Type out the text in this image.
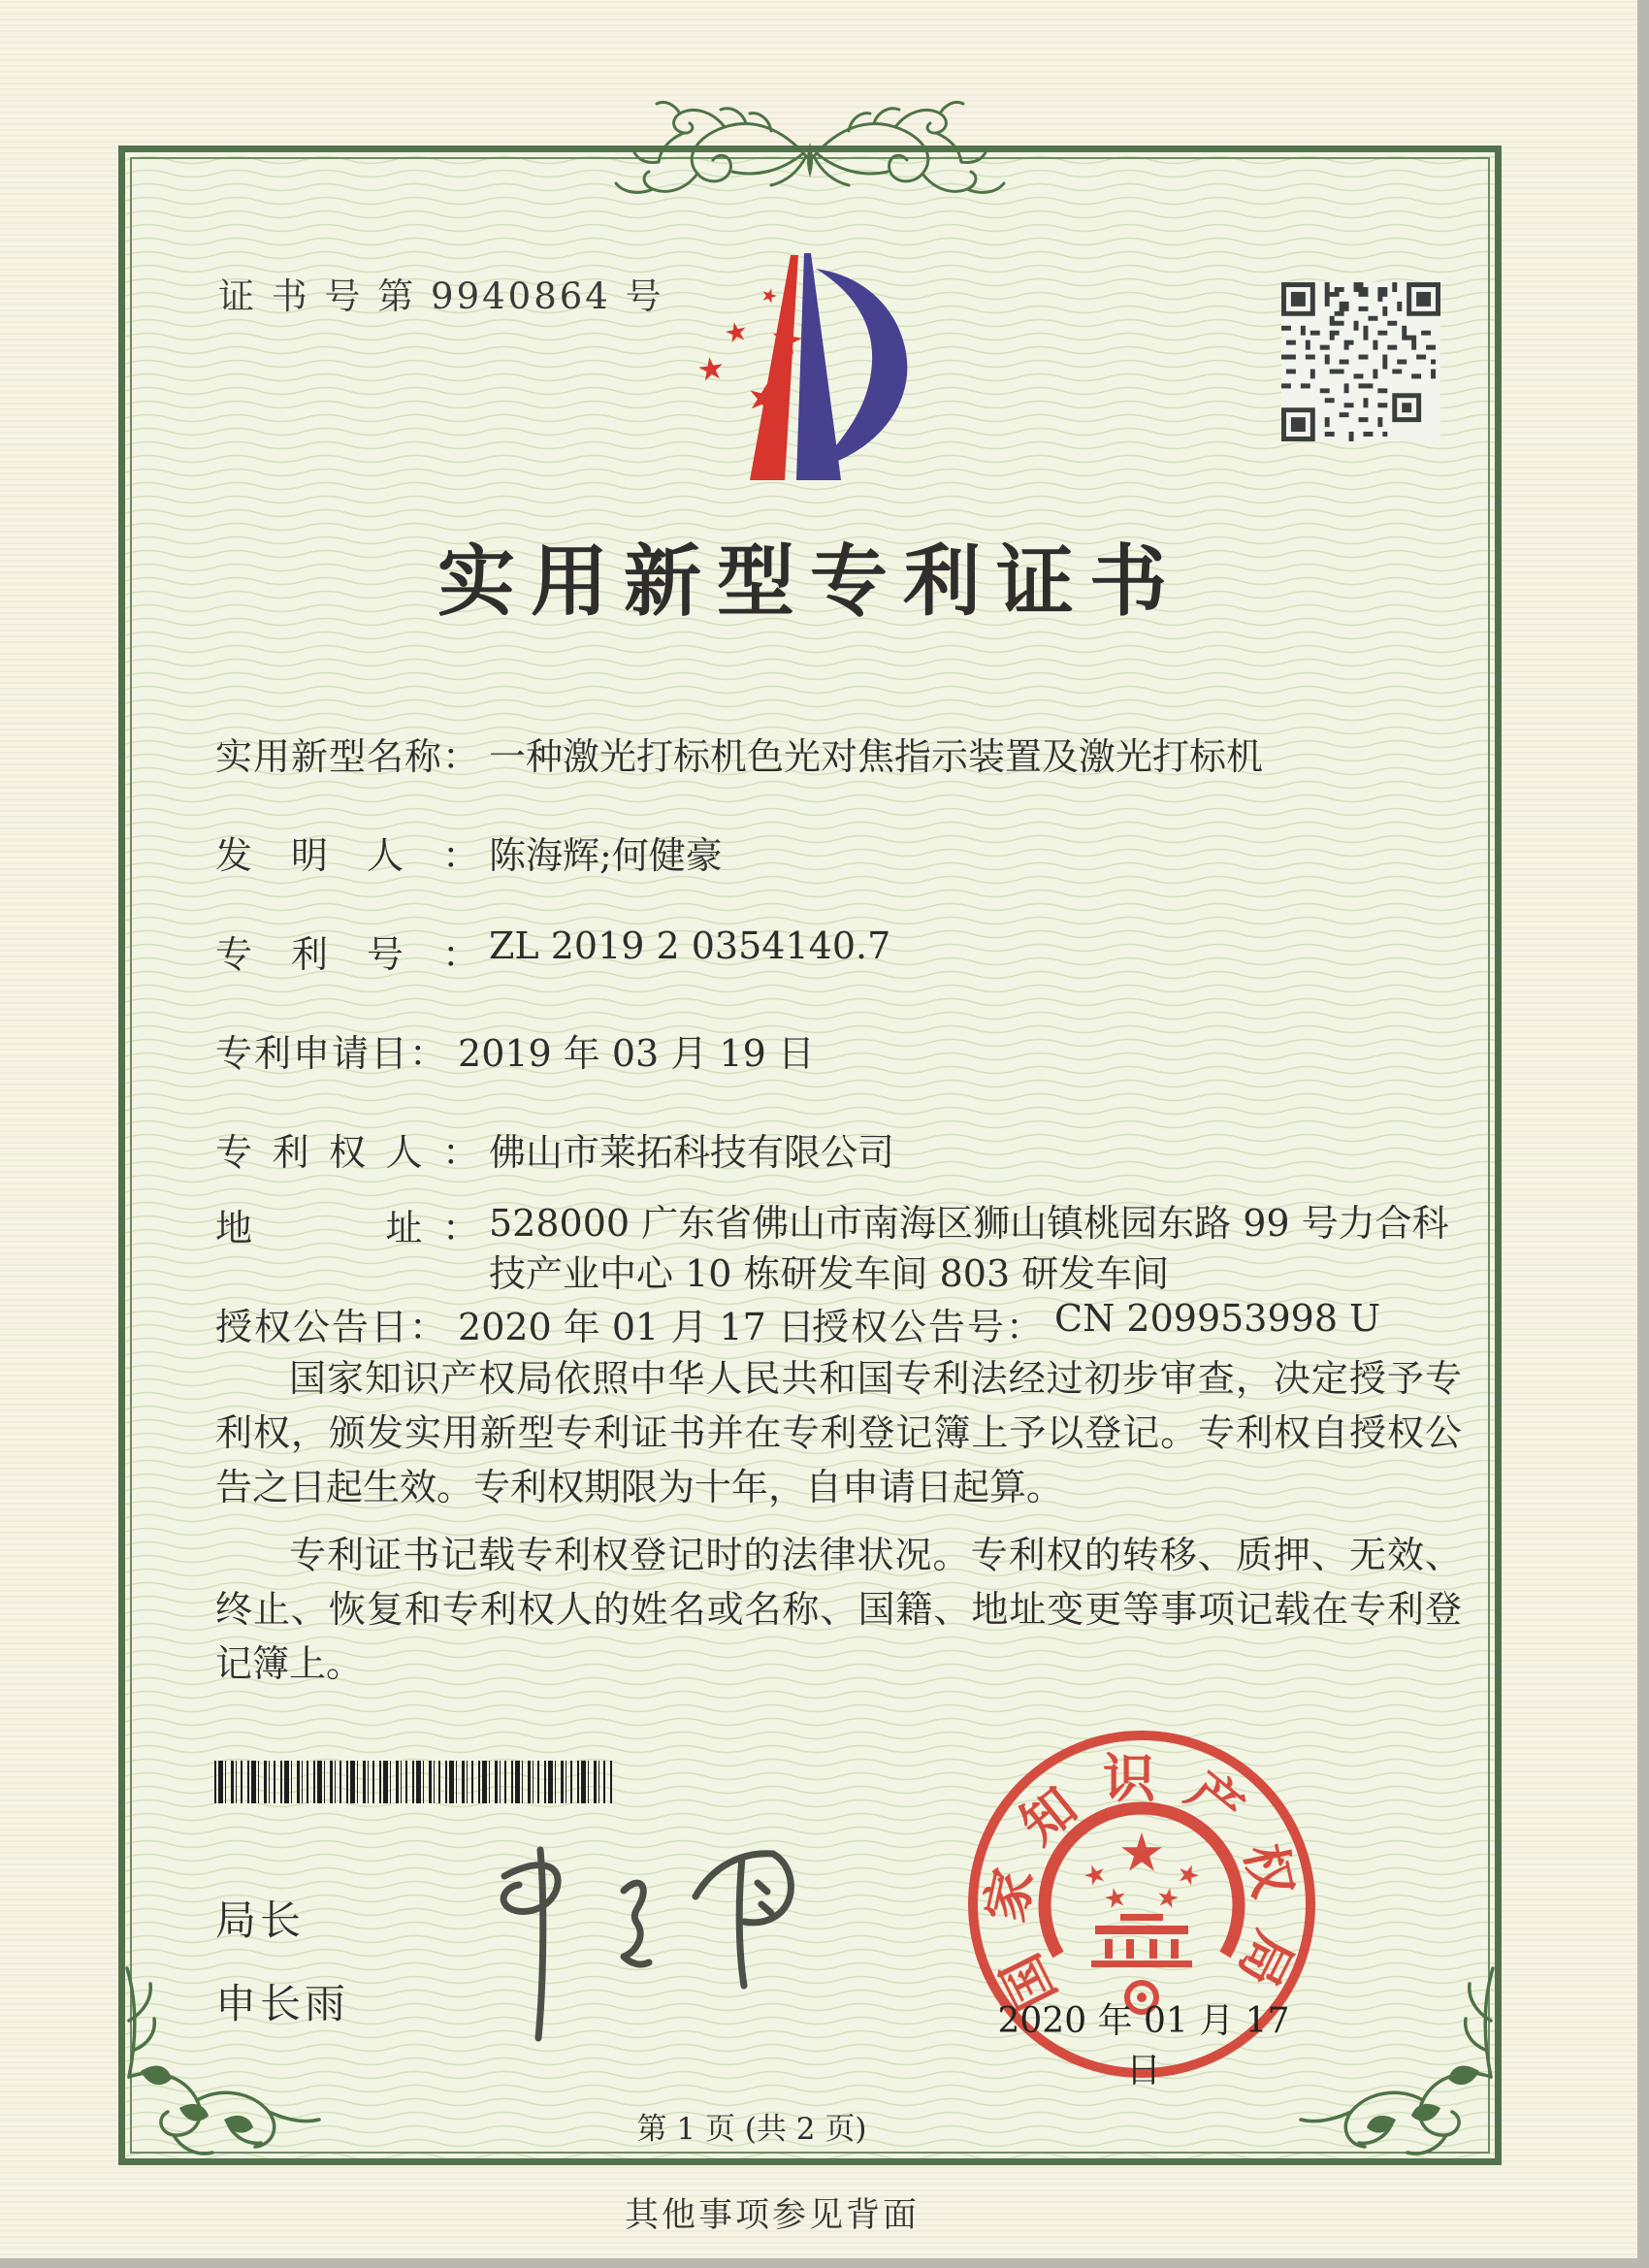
证 书 号 第 9940864 号
实用新型专利证书
实用新型名称： 一种激光打标机色光对焦指示装置及激光打标机
发明人： 陈海辉;何健豪
专利号： ZL 2019 2 0354140.7
专利申请日： 2019 年 03 月 19 日
专利权人： 佛山市莱拓科技有限公司
地　　址： 528000 广东省佛山市南海区狮山镇桃园东路 99 号力合科技产业中心 10 栋研发车间 803 研发车间
授权公告日： 2020 年 01 月 17 日
授权公告号： CN 209953998 U

国家知识产权局依照中华人民共和国专利法经过初步审查，决定授予专利权，颁发实用新型专利证书并在专利登记簿上予以登记。专利权自授权公告之日起生效。专利权期限为十年，自申请日起算。

专利证书记载专利权登记时的法律状况。专利权的转移、质押、无效、终止、恢复和专利权人的姓名或名称、国籍、地址变更等事项记载在专利登记簿上。

局长
申长雨	国家知识产权局
2020 年 01 月 17 日
第 1 页 (共 2 页)
其他事项参见背面
